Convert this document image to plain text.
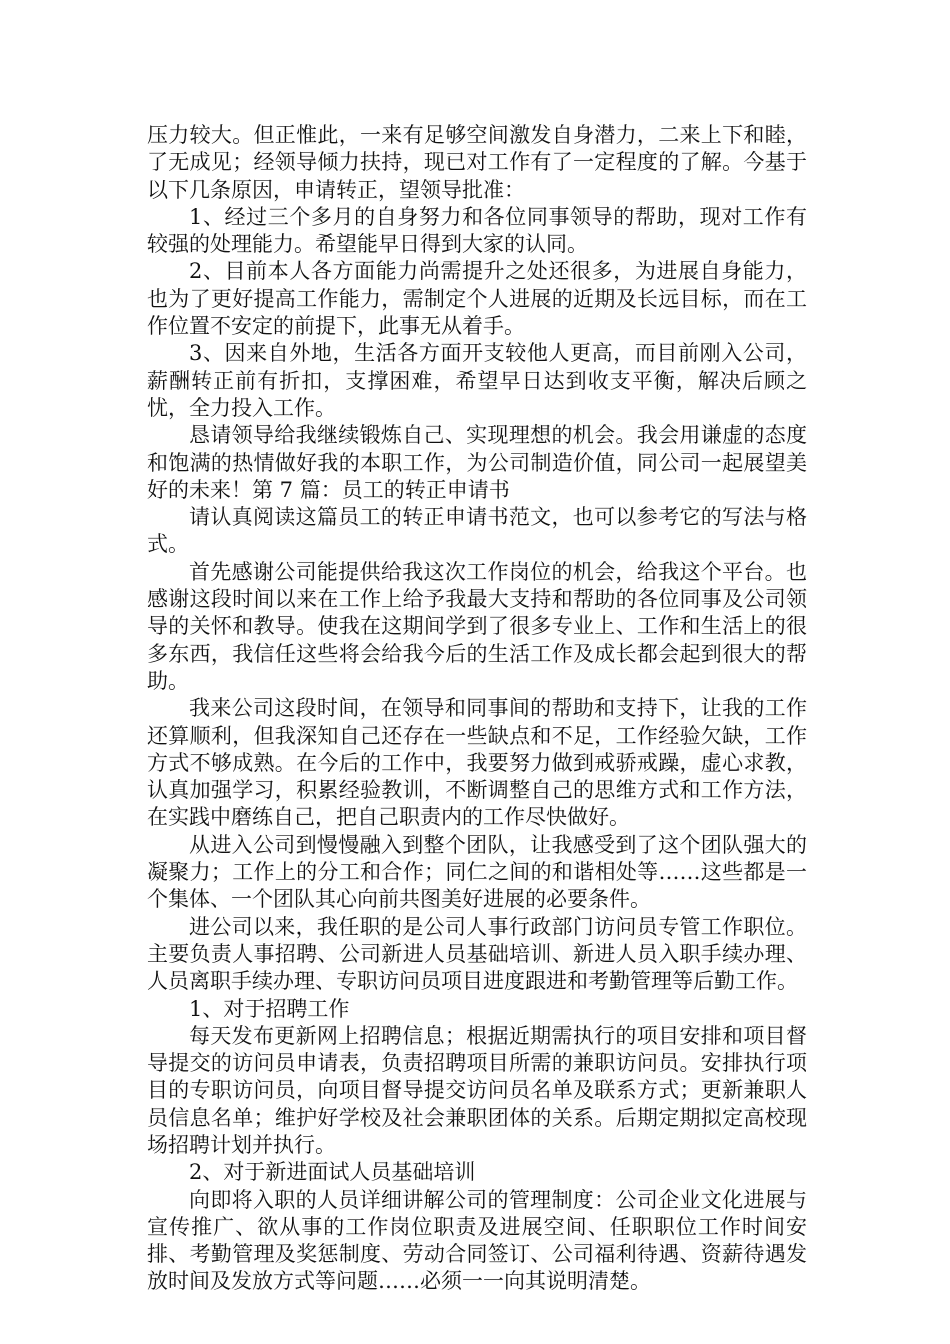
压力较大。但正惟此，一来有足够空间激发自身潜力，二来上下和睦，了无成见；经领导倾力扶持，现已对工作有了一定程度的了解。今基于以下几条原因，申请转正，望领导批准：

1、经过三个多月的自身努力和各位同事领导的帮助，现对工作有较强的处理能力。希望能早日得到大家的认同。

2、目前本人各方面能力尚需提升之处还很多，为进展自身能力，也为了更好提高工作能力，需制定个人进展的近期及长远目标，而在工作位置不安定的前提下，此事无从着手。

3、因来自外地，生活各方面开支较他人更高，而目前刚入公司，薪酬转正前有折扣，支撑困难，希望早日达到收支平衡，解决后顾之忧，全力投入工作。

恳请领导给我继续锻炼自己、实现理想的机会。我会用谦虚的态度和饱满的热情做好我的本职工作，为公司制造价值，同公司一起展望美好的未来！第 7 篇：员工的转正申请书

请认真阅读这篇员工的转正申请书范文，也可以参考它的写法与格式。

首先感谢公司能提供给我这次工作岗位的机会，给我这个平台。也感谢这段时间以来在工作上给予我最大支持和帮助的各位同事及公司领导的关怀和教导。使我在这期间学到了很多专业上、工作和生活上的很多东西，我信任这些将会给我今后的生活工作及成长都会起到很大的帮助。

我来公司这段时间，在领导和同事间的帮助和支持下，让我的工作还算顺利，但我深知自己还存在一些缺点和不足，工作经验欠缺，工作方式不够成熟。在今后的工作中，我要努力做到戒骄戒躁，虚心求教，认真加强学习，积累经验教训，不断调整自己的思维方式和工作方法，在实践中磨练自己，把自己职责内的工作尽快做好。

从进入公司到慢慢融入到整个团队，让我感受到了这个团队强大的凝聚力；工作上的分工和合作；同仁之间的和谐相处等……这些都是一个集体、一个团队其心向前共图美好进展的必要条件。

进公司以来，我任职的是公司人事行政部门访问员专管工作职位。主要负责人事招聘、公司新进人员基础培训、新进人员入职手续办理、人员离职手续办理、专职访问员项目进度跟进和考勤管理等后勤工作。

1、对于招聘工作

每天发布更新网上招聘信息；根据近期需执行的项目安排和项目督导提交的访问员申请表，负责招聘项目所需的兼职访问员。安排执行项目的专职访问员，向项目督导提交访问员名单及联系方式；更新兼职人员信息名单；维护好学校及社会兼职团体的关系。后期定期拟定高校现场招聘计划并执行。

2、对于新进面试人员基础培训

向即将入职的人员详细讲解公司的管理制度：公司企业文化进展与宣传推广、欲从事的工作岗位职责及进展空间、任职职位工作时间安排、考勤管理及奖惩制度、劳动合同签订、公司福利待遇、资薪待遇发放时间及发放方式等问题……必须一一向其说明清楚。
